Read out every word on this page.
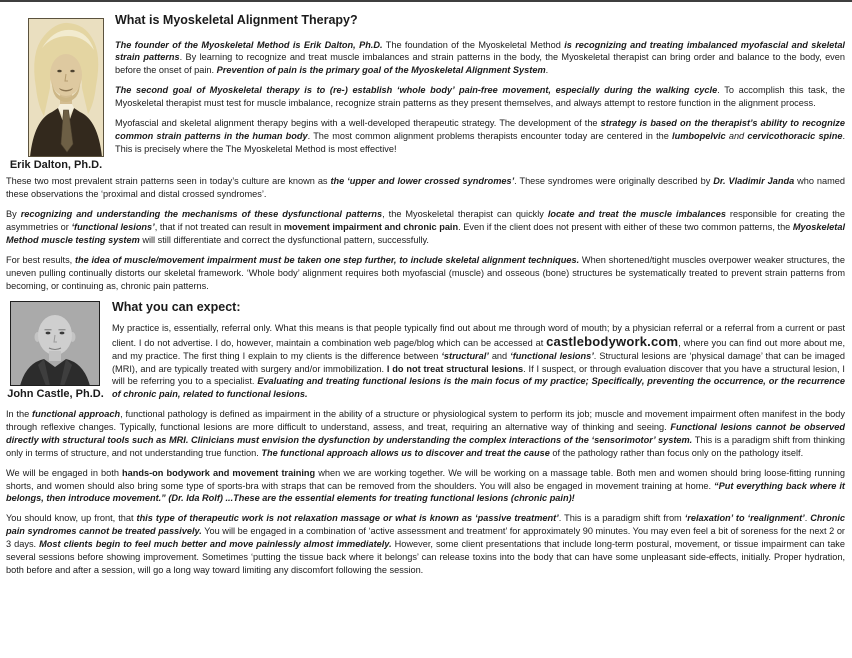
Erik Dalton, Ph.D.
What is Myoskeletal Alignment Therapy?

The founder of the Myoskeletal Method is Erik Dalton, Ph.D. The foundation of the Myoskeletal Method is recognizing and treating imbalanced myofascial and skeletal strain patterns. By learning to recognize and treat muscle imbalances and strain patterns in the body, the Myoskeletal therapist can bring order and balance to the body, even before the onset of pain. Prevention of pain is the primary goal of the Myoskeletal Alignment System.

The second goal of Myoskeletal therapy is to (re-) establish ‘whole body’ pain-free movement, especially during the walking cycle. To accomplish this task, the Myoskeletal therapist must test for muscle imbalance, recognize strain patterns as they present themselves, and always attempt to restore function in the alignment process.

Myofascial and skeletal alignment therapy begins with a well-developed therapeutic strategy. The development of the strategy is based on the therapist’s ability to recognize common strain patterns in the human body. The most common alignment problems therapists encounter today are centered in the lumbopelvic and cervicothoracic spine. This is precisely where the The Myoskeletal Method is most effective!

These two most prevalent strain patterns seen in today’s culture are known as the ‘upper and lower crossed syndromes’. These syndromes were originally described by Dr. Vladimir Janda who named these observations the ‘proximal and distal crossed syndromes’.

By recognizing and understanding the mechanisms of these dysfunctional patterns, the Myoskeletal therapist can quickly locate and treat the muscle imbalances responsible for creating the asymmetries or ‘functional lesions’, that if not treated can result in movement impairment and chronic pain. Even if the client does not present with either of these two common patterns, the Myoskeletal Method muscle testing system will still differentiate and correct the dysfunctional pattern, successfully.

For best results, the idea of muscle/movement impairment must be taken one step further, to include skeletal alignment techniques. When shortened/tight muscles overpower weaker structures, the uneven pulling continually distorts our skeletal framework. ‘Whole body’ alignment requires both myofascial (muscle) and osseous (bone) structures be systematically treated to prevent strain patterns from becoming, or continuing as, chronic pain patterns.

John Castle, Ph.D.
What you can expect:

My practice is, essentially, referral only. What this means is that people typically find out about me through word of mouth; by a physician referral or a referral from a current or past client. I do not advertise. I do, however, maintain a combination web page/blog which can be accessed at castlebodywork.com, where you can find out more about me, and my practice. The first thing I explain to my clients is the difference between ‘structural’ and ‘functional lesions’. Structural lesions are ‘physical damage’ that can be imaged (MRI), and are typically treated with surgery and/or immobilization. I do not treat structural lesions. If I suspect, or through evaluation discover that you have a structural lesion, I will be referring you to a specialist. Evaluating and treating functional lesions is the main focus of my practice; Specifically, preventing the occurrence, or the recurrence of chronic pain, related to functional lesions.

In the functional approach, functional pathology is defined as impairment in the ability of a structure or physiological system to perform its job; muscle and movement impairment often manifest in the body through reflexive changes. Typically, functional lesions are more difficult to understand, assess, and treat, requiring an alternative way of thinking and seeing. Functional lesions cannot be observed directly with structural tools such as MRI. Clinicians must envision the dysfunction by understanding the complex interactions of the ‘sensorimotor’ system. This is a paradigm shift from thinking only in terms of structure, and not understanding true function. The functional approach allows us to discover and treat the cause of the pathology rather than focus only on the pathology itself.

We will be engaged in both hands-on bodywork and movement training when we are working together. We will be working on a massage table. Both men and women should bring loose-fitting running shorts, and women should also bring some type of sports-bra with straps that can be removed from the shoulders. You will also be engaged in movement training at home. “Put everything back where it belongs, then introduce movement.” (Dr. Ida Rolf) ...These are the essential elements for treating functional lesions (chronic pain)!

You should know, up front, that this type of therapeutic work is not relaxation massage or what is known as ‘passive treatment’. This is a paradigm shift from ‘relaxation’ to ‘realignment’. Chronic pain syndromes cannot be treated passively. You will be engaged in a combination of ‘active assessment and treatment’ for approximately 90 minutes. You may even feel a bit of soreness for the next 2 or 3 days. Most clients begin to feel much better and move painlessly almost immediately. However, some client presentations that include long-term postural, movement, or tissue impairment can take several sessions before showing improvement. Sometimes ‘putting the tissue back where it belongs’ can release toxins into the body that can have some unpleasant side-effects, initially. Proper hydration, both before and after a session, will go a long way toward limiting any discomfort following the session.
